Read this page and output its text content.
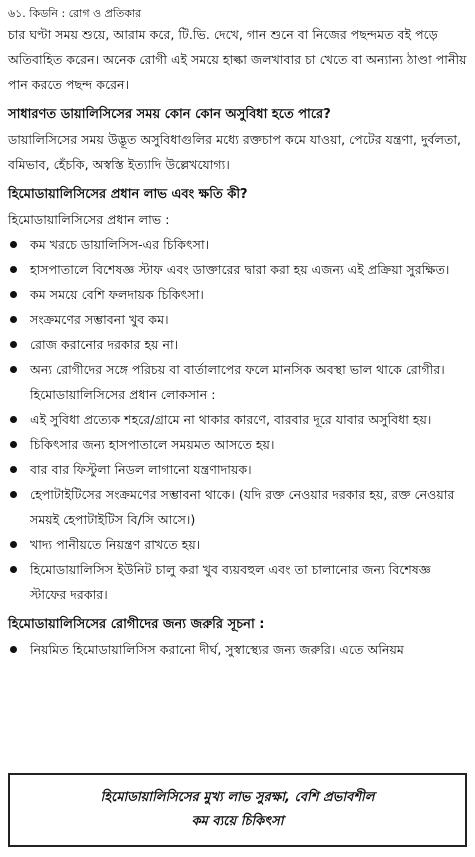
৬১. কিডনি : রোগ ও প্রতিকার

চার ঘণ্টা সময় শুয়ে, আরাম করে, টি.ভি. দেখে, গান শুনে বা নিজের পছন্দমত বই পড়ে অতিবাহিত করেন। অনেক রোগী এই সময়ে হাল্কা জলখাবার চা খেতে বা অন্যান্য ঠাণ্ডা পানীয় পান করতে পছন্দ করেন।

সাধারণত ডায়ালিসিসের সময় কোন কোন অসুবিধা হতে পারে?

ডায়ালিসিসের সময় উদ্ভূত অসুবিধাগুলির মধ্যে রক্তচাপ কমে যাওয়া, পেটের যন্ত্রণা, দুর্বলতা, বমিভাব, হেঁচকি, অস্বস্তি ইত্যাদি উল্লেখযোগ্য।

হিমোডায়ালিসিসের প্রধান লাভ এবং ক্ষতি কী?
হিমোডায়ালিসিসের প্রধান লাভ :
কম খরচে ডায়ালিসিস-এর চিকিৎসা।
হাসপাতালে বিশেষজ্ঞ স্টাফ এবং ডাক্তারের দ্বারা করা হয় এজন্য এই প্রক্রিয়া সুরক্ষিত।
কম সময়ে বেশি ফলদায়ক চিকিৎসা।
সংক্রমণের সম্ভাবনা খুব কম।
রোজ করানোর দরকার হয় না।
অন্য রোগীদের সঙ্গে পরিচয় বা বার্তালাপের ফলে মানসিক অবস্থা ভাল থাকে রোগীর।
হিমোডায়ালিসিসের প্রধান লোকসান :
এই সুবিধা প্রত্যেক শহরে/গ্রামে না থাকার কারণে, বারবার দূরে যাবার অসুবিধা হয়।
চিকিৎসার জন্য হাসপাতালে সময়মত আসতে হয়।
বার বার ফিস্টুলা নিডল লাগানো যন্ত্রণাদায়ক।
হেপাটাইটিসের সংক্রমণের সম্ভাবনা থাকে। (যদি রক্ত নেওয়ার দরকার হয়, রক্ত নেওয়ার সময়ই হেপাটাইটিস বি/সি আসে।)
খাদ্য পানীয়তে নিয়ন্ত্রণ রাখতে হয়।
হিমোডায়ালিসিস ইউনিট চালু করা খুব ব্যয়বহুল এবং তা চালানোর জন্য বিশেষজ্ঞ স্টাফের দরকার।
হিমোডায়ালিসিসের রোগীদের জন্য জরুরি সূচনা :
নিয়মিত হিমোডায়ালিসিস করানো দীর্ঘ, সুস্বাস্থ্যের জন্য জরুরি। এতে অনিয়ম
হিমোডায়ালিসিসের মুখ্য লাভ সুরক্ষা, বেশি প্রভাবশীল
কম ব্যয়ে চিকিৎসা
